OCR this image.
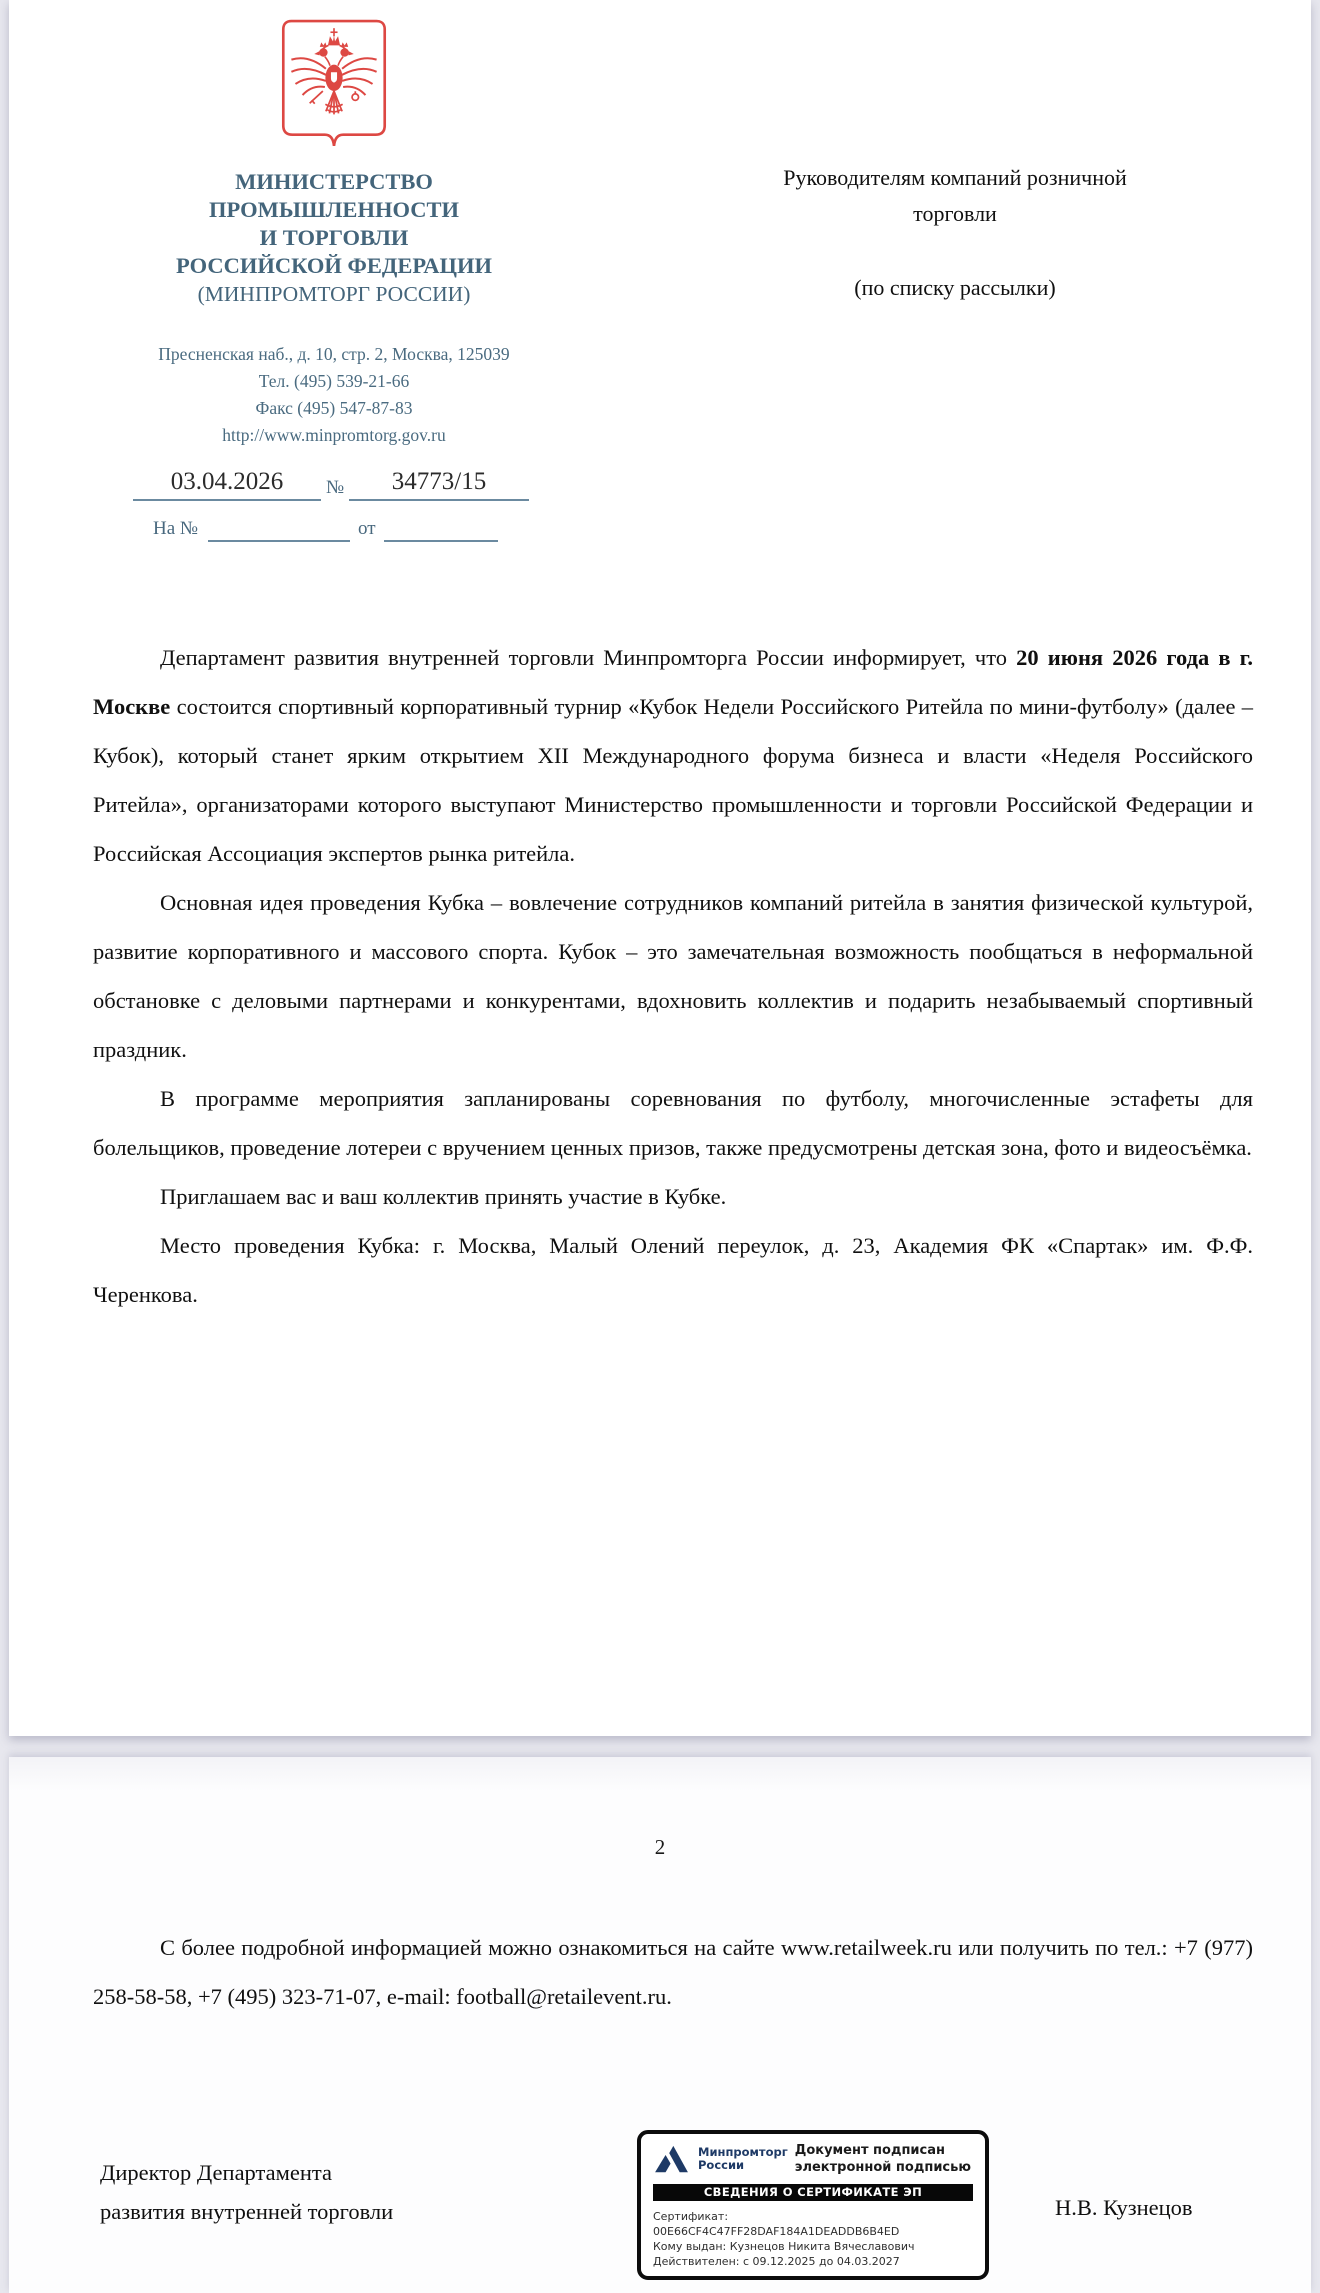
МИНИСТЕРСТВО
ПРОМЫШЛЕННОСТИ
И ТОРГОВЛИ
РОССИЙСКОЙ ФЕДЕРАЦИИ
(МИНПРОМТОРГ РОССИИ)
Пресненская наб., д. 10, стр. 2, Москва, 125039
Тел. (495) 539-21-66
Факс (495) 547-87-83
http://www.minpromtorg.gov.ru
03.04.2026	№	34773/15
На №	от
Руководителям компаний розничной торговли
(по списку рассылки)

Департамент развития внутренней торговли Минпромторга России информирует, что 20 июня 2026 года в г. Москве состоится спортивный корпоративный турнир «Кубок Недели Российского Ритейла по мини-футболу» (далее – Кубок), который станет ярким открытием XII Международного форума бизнеса и власти «Неделя Российского Ритейла», организаторами которого выступают Министерство промышленности и торговли Российской Федерации и Российская Ассоциация экспертов рынка ритейла.

Основная идея проведения Кубка – вовлечение сотрудников компаний ритейла в занятия физической культурой, развитие корпоративного и массового спорта. Кубок – это замечательная возможность пообщаться в неформальной обстановке с деловыми партнерами и конкурентами, вдохновить коллектив и подарить незабываемый спортивный праздник.

В программе мероприятия запланированы соревнования по футболу, многочисленные эстафеты для болельщиков, проведение лотереи с вручением ценных призов, также предусмотрены детская зона, фото и видеосъёмка.

Приглашаем вас и ваш коллектив принять участие в Кубке.

Место проведения Кубка: г. Москва, Малый Олений переулок, д. 23, Академия ФК «Спартак» им. Ф.Ф. Черенкова.

2

С более подробной информацией можно ознакомиться на сайте www.retailweek.ru или получить по тел.: +7 (977) 258-58-58, +7 (495) 323-71-07, e-mail: football@retailevent.ru.

Директор Департамента
развития внутренней торговли
Минпромторг
России
Документ подписан
электронной подписью
СВЕДЕНИЯ О СЕРТИФИКАТЕ ЭП
Сертификат: 00E66CF4C47FF28DAF184A1DEADDB6B4ED
Кому выдан: Кузнецов Никита Вячеславович
Действителен: с 09.12.2025 до 04.03.2027
Н.В. Кузнецов
